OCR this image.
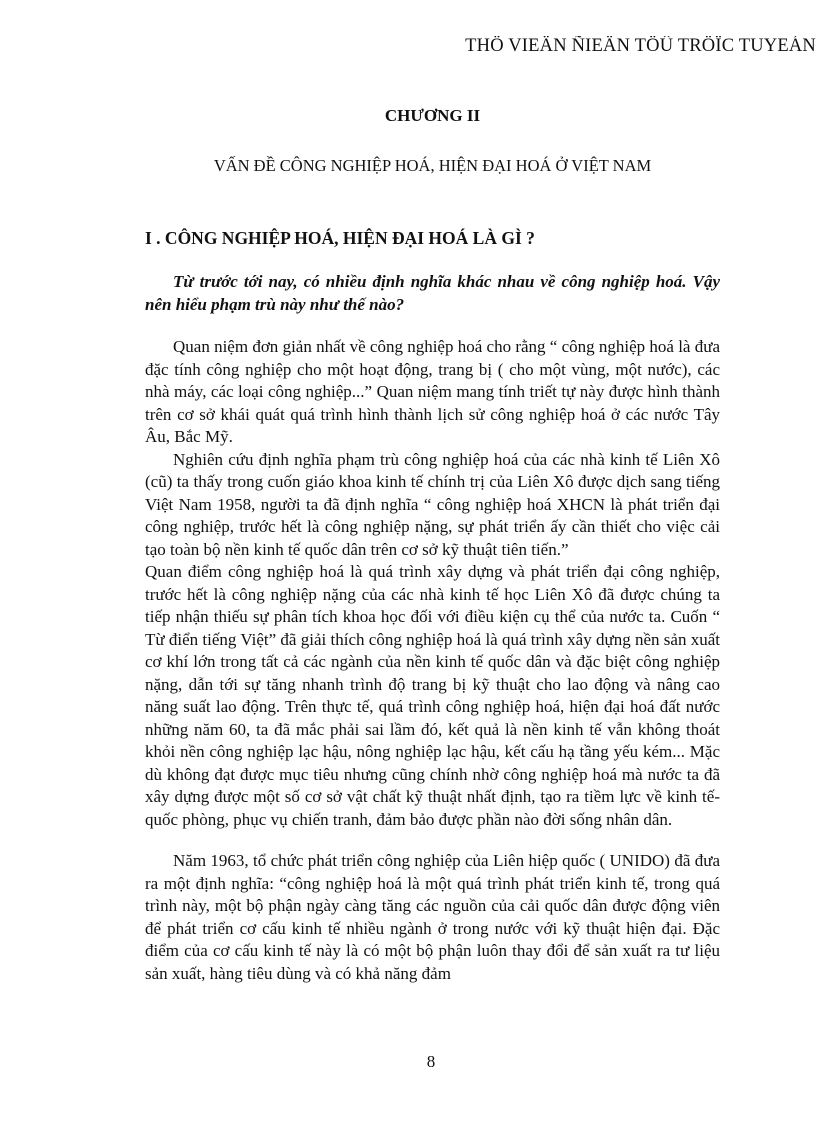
THÖ VIEÄN ÑIEÄN TÖÛ TRÖÏC TUYEÁN
CHƯƠNG II
VẤN ĐỀ CÔNG NGHIỆP HOÁ, HIỆN ĐẠI HOÁ Ở VIỆT NAM
I . CÔNG NGHIỆP HOÁ, HIỆN ĐẠI HOÁ LÀ GÌ ?

Từ trước tới nay, có nhiều định nghĩa khác nhau về công nghiệp hoá. Vậy nên hiểu phạm trù này như thế nào?

Quan niệm đơn giản nhất về công nghiệp hoá cho rằng “ công nghiệp hoá là đưa đặc tính công nghiệp cho một hoạt động, trang bị ( cho một vùng, một nước), các nhà máy, các loại công nghiệp...” Quan niệm mang tính triết tự này được hình thành trên cơ sở khái quát quá trình hình thành lịch sử công nghiệp hoá ở các nước Tây Âu, Bắc Mỹ.

Nghiên cứu định nghĩa phạm trù công nghiệp hoá của các nhà kinh tế Liên Xô (cũ) ta thấy trong cuốn giáo khoa kinh tế chính trị của Liên Xô được dịch sang tiếng Việt Nam 1958, người ta đã định nghĩa “ công nghiệp hoá XHCN là phát triển đại công nghiệp, trước hết là công nghiệp nặng, sự phát triển ấy cần thiết cho việc cải tạo toàn bộ nền kinh tế quốc dân trên cơ sở kỹ thuật tiên tiến.”

Quan điểm công nghiệp hoá là quá trình xây dựng và phát triển đại công nghiệp, trước hết là công nghiệp nặng của các nhà kinh tế học Liên Xô đã được chúng ta tiếp nhận thiếu sự phân tích khoa học đối với điều kiện cụ thể của nước ta. Cuốn “ Từ điển tiếng Việt” đã giải thích công nghiệp hoá là quá trình xây dựng nền sản xuất cơ khí lớn trong tất cả các ngành của nền kinh tế quốc dân và đặc biệt công nghiệp nặng, dẫn tới sự tăng nhanh trình độ trang bị kỹ thuật cho lao động và nâng cao năng suất lao động. Trên thực tế, quá trình công nghiệp hoá, hiện đại hoá đất nước những năm 60, ta đã mắc phải sai lầm đó, kết quả là nền kinh tế vẫn không thoát khỏi nền công nghiệp lạc hậu, nông nghiệp lạc hậu, kết cấu hạ tầng yếu kém... Mặc dù không đạt được mục tiêu nhưng cũng chính nhờ công nghiệp hoá mà nước ta đã xây dựng được một số cơ sở vật chất kỹ thuật nhất định, tạo ra tiềm lực về kinh tế-quốc phòng, phục vụ chiến tranh, đảm bảo được phần nào đời sống nhân dân.

Năm 1963, tổ chức phát triển công nghiệp của Liên hiệp quốc ( UNIDO) đã đưa ra một định nghĩa: “công nghiệp hoá là một quá trình phát triển kinh tế, trong quá trình này, một bộ phận ngày càng tăng các nguồn của cải quốc dân được động viên để phát triển cơ cấu kinh tế nhiều ngành ở trong nước với kỹ thuật hiện đại. Đặc điểm của cơ cấu kinh tế này là có một bộ phận luôn thay đổi để sản xuất ra tư liệu sản xuất, hàng tiêu dùng và có khả năng đảm

8
